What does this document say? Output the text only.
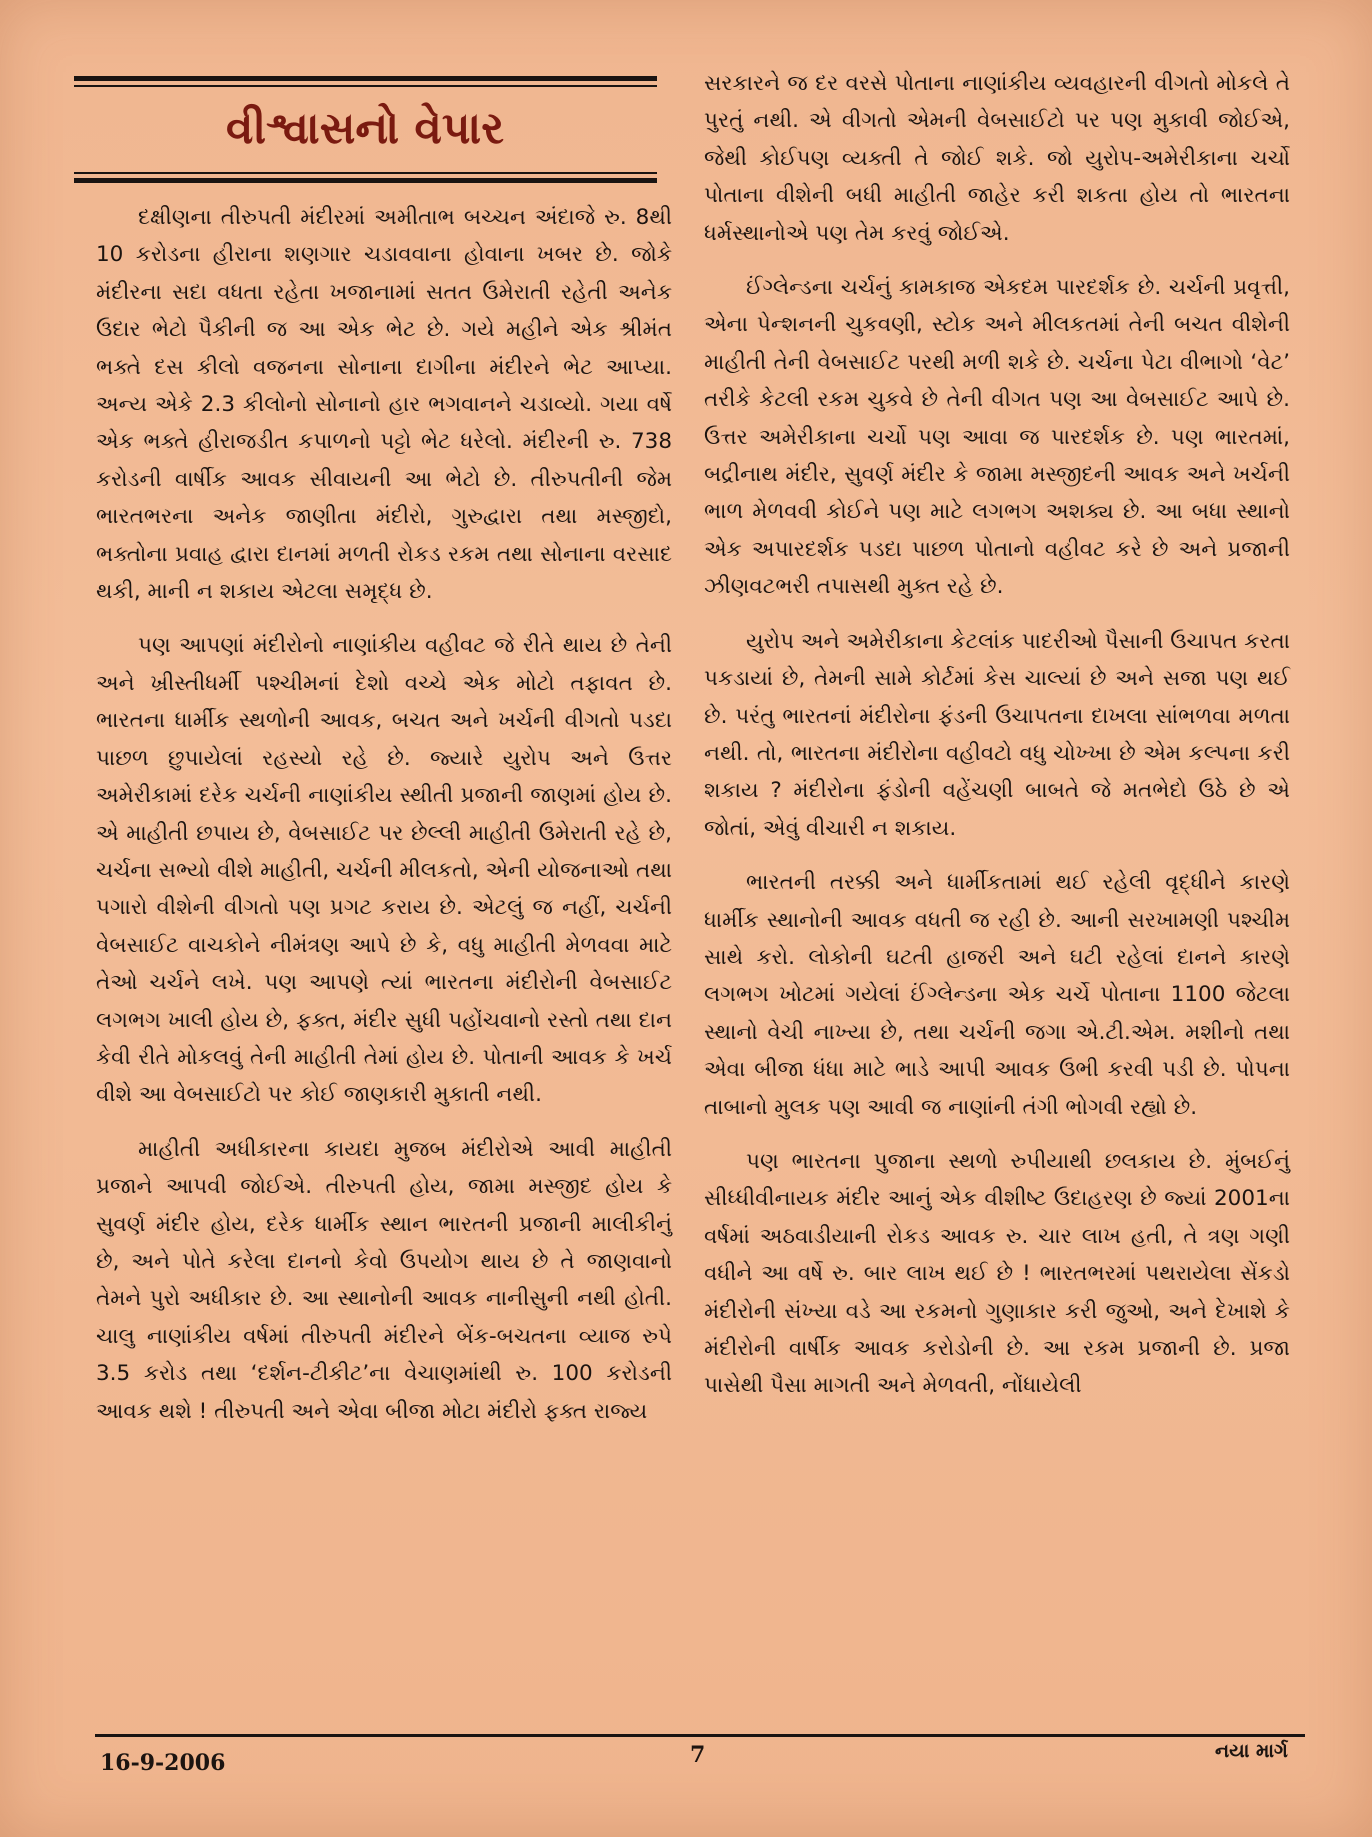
વીશ્વાસનો વેપાર

દક્ષીણના તીરુપતી મંદીરમાં અમીતાભ બચ્ચન અંદાજે રુ. 8થી 10 કરોડના હીરાના શણગાર ચડાવવાના હોવાના ખબર છે. જોકે મંદીરના સદા વધતા રહેતા ખજાનામાં સતત ઉમેરાતી રહેતી અનેક ઉદાર ભેટો પૈકીની જ આ એક ભેટ છે. ગયે મહીને એક શ્રીમંત ભક્તે દસ કીલો વજનના સોનાના દાગીના મંદીરને ભેટ આપ્યા. અન્ય એકે 2.3 કીલોનો સોનાનો હાર ભગવાનને ચડાવ્યો. ગયા વર્ષે એક ભક્તે હીરાજડીત કપાળનો પટ્ટો ભેટ ધરેલો. મંદીરની રુ. 738 કરોડની વાર્ષીક આવક સીવાયની આ ભેટો છે. તીરુપતીની જેમ ભારતભરના અનેક જાણીતા મંદીરો, ગુરુદ્વારા તથા મસ્જીદો, ભક્તોના પ્રવાહ દ્વારા દાનમાં મળતી રોકડ રકમ તથા સોનાના વરસાદ થકી, માની ન શકાય એટલા સમૃદ્ધ છે.

પણ આપણાં મંદીરોનો નાણાંકીય વહીવટ જે રીતે થાય છે તેની અને ખ્રીસ્તીધર્મી પશ્ચીમનાં દેશો વચ્ચે એક મોટો તફાવત છે. ભારતના ધાર્મીક સ્થળોની આવક, બચત અને ખર્ચની વીગતો પડદા પાછળ છુપાયેલાં રહસ્યો રહે છે. જ્યારે યુરોપ અને ઉત્તર અમેરીકામાં દરેક ચર્ચની નાણાંકીય સ્થીતી પ્રજાની જાણમાં હોય છે. એ માહીતી છપાય છે, વેબસાઈટ પર છેલ્લી માહીતી ઉમેરાતી રહે છે, ચર્ચના સભ્યો વીશે માહીતી, ચર્ચની મીલકતો, એની યોજનાઓ તથા પગારો વીશેની વીગતો પણ પ્રગટ કરાય છે. એટલું જ નહીં, ચર્ચની વેબસાઈટ વાચકોને નીમંત્રણ આપે છે કે, વધુ માહીતી મેળવવા માટે તેઓ ચર્ચને લખે. પણ આપણે ત્યાં ભારતના મંદીરોની વેબસાઈટ લગભગ ખાલી હોય છે, ફક્ત, મંદીર સુધી પહોંચવાનો રસ્તો તથા દાન કેવી રીતે મોકલવું તેની માહીતી તેમાં હોય છે. પોતાની આવક કે ખર્ચ વીશે આ વેબસાઈટો પર કોઈ જાણકારી મુકાતી નથી.

માહીતી અધીકારના કાયદા મુજબ મંદીરોએ આવી માહીતી પ્રજાને આપવી જોઈએ. તીરુપતી હોય, જામા મસ્જીદ હોય કે સુવર્ણ મંદીર હોય, દરેક ધાર્મીક સ્થાન ભારતની પ્રજાની માલીકીનું છે, અને પોતે કરેલા દાનનો કેવો ઉપયોગ થાય છે તે જાણવાનો તેમને પુરો અધીકાર છે. આ સ્થાનોની આવક નાનીસુની નથી હોતી. ચાલુ નાણાંકીય વર્ષમાં તીરુપતી મંદીરને બેંક-બચતના વ્યાજ રુપે 3.5 કરોડ તથા ‘દર્શન-ટીકીટ’ના વેચાણમાંથી રુ. 100 કરોડની આવક થશે ! તીરુપતી અને એવા બીજા મોટા મંદીરો ફક્ત રાજ્ય

સરકારને જ દર વરસે પોતાના નાણાંકીય વ્યવહારની વીગતો મોકલે તે પુરતું નથી. એ વીગતો એમની વેબસાઈટો પર પણ મુકાવી જોઈએ, જેથી કોઈપણ વ્યક્તી તે જોઈ શકે. જો યુરોપ-અમેરીકાના ચર્ચો પોતાના વીશેની બધી માહીતી જાહેર કરી શકતા હોય તો ભારતના ધર્મસ્થાનોએ પણ તેમ કરવું જોઈએ.

ઈંગ્લેન્ડના ચર્ચનું કામકાજ એકદમ પારદર્શક છે. ચર્ચની પ્રવૃત્તી, એના પેન્શનની ચુકવણી, સ્ટોક અને મીલકતમાં તેની બચત વીશેની માહીતી તેની વેબસાઈટ પરથી મળી શકે છે. ચર્ચના પેટા વીભાગો ‘વેટ’ તરીકે કેટલી રકમ ચુકવે છે તેની વીગત પણ આ વેબસાઈટ આપે છે. ઉત્તર અમેરીકાના ચર્ચો પણ આવા જ પારદર્શક છે. પણ ભારતમાં, બદ્રીનાથ મંદીર, સુવર્ણ મંદીર કે જામા મસ્જીદની આવક અને ખર્ચની ભાળ મેળવવી કોઈને પણ માટે લગભગ અશક્ય છે. આ બધા સ્થાનો એક અપારદર્શક પડદા પાછળ પોતાનો વહીવટ કરે છે અને પ્રજાની ઝીણવટભરી તપાસથી મુક્ત રહે છે.

યુરોપ અને અમેરીકાના કેટલાંક પાદરીઓ પૈસાની ઉચાપત કરતા પકડાયાં છે, તેમની સામે કોર્ટમાં કેસ ચાલ્યાં છે અને સજા પણ થઈ છે. પરંતુ ભારતનાં મંદીરોના ફંડની ઉચાપતના દાખલા સાંભળવા મળતા નથી. તો, ભારતના મંદીરોના વહીવટો વધુ ચોખ્ખા છે એમ કલ્પના કરી શકાય ? મંદીરોના ફંડોની વહેંચણી બાબતે જે મતભેદો ઉઠે છે એ જોતાં, એવું વીચારી ન શકાય.

ભારતની તરક્કી અને ધાર્મીકતામાં થઈ રહેલી વૃદ્ધીને કારણે ધાર્મીક સ્થાનોની આવક વધતી જ રહી છે. આની સરખામણી પશ્ચીમ સાથે કરો. લોકોની ઘટતી હાજરી અને ઘટી રહેલાં દાનને કારણે લગભગ ખોટમાં ગયેલાં ઈંગ્લેન્ડના એક ચર્ચે પોતાના 1100 જેટલા સ્થાનો વેચી નાખ્યા છે, તથા ચર્ચની જગા એ.ટી.એમ. મશીનો તથા એવા બીજા ધંધા માટે ભાડે આપી આવક ઉભી કરવી પડી છે. પોપના તાબાનો મુલક પણ આવી જ નાણાંની તંગી ભોગવી રહ્યો છે.

પણ ભારતના પુજાના સ્થળો રુપીયાથી છલકાય છે. મુંબઈનું સીધ્ધીવીનાયક મંદીર આનું એક વીશીષ્ટ ઉદાહરણ છે જ્યાં 2001ના વર્ષમાં અઠવાડીયાની રોકડ આવક રુ. ચાર લાખ હતી, તે ત્રણ ગણી વધીને આ વર્ષે રુ. બાર લાખ થઈ છે ! ભારતભરમાં પથરાયેલા સેંકડો મંદીરોની સંખ્યા વડે આ રકમનો ગુણાકાર કરી જુઓ, અને દેખાશે કે મંદીરોની વાર્ષીક આવક કરોડોની છે. આ રકમ પ્રજાની છે. પ્રજા પાસેથી પૈસા માગતી અને મેળવતી, નોંધાયેલી

16-9-2006	7	નયા માર્ગ
